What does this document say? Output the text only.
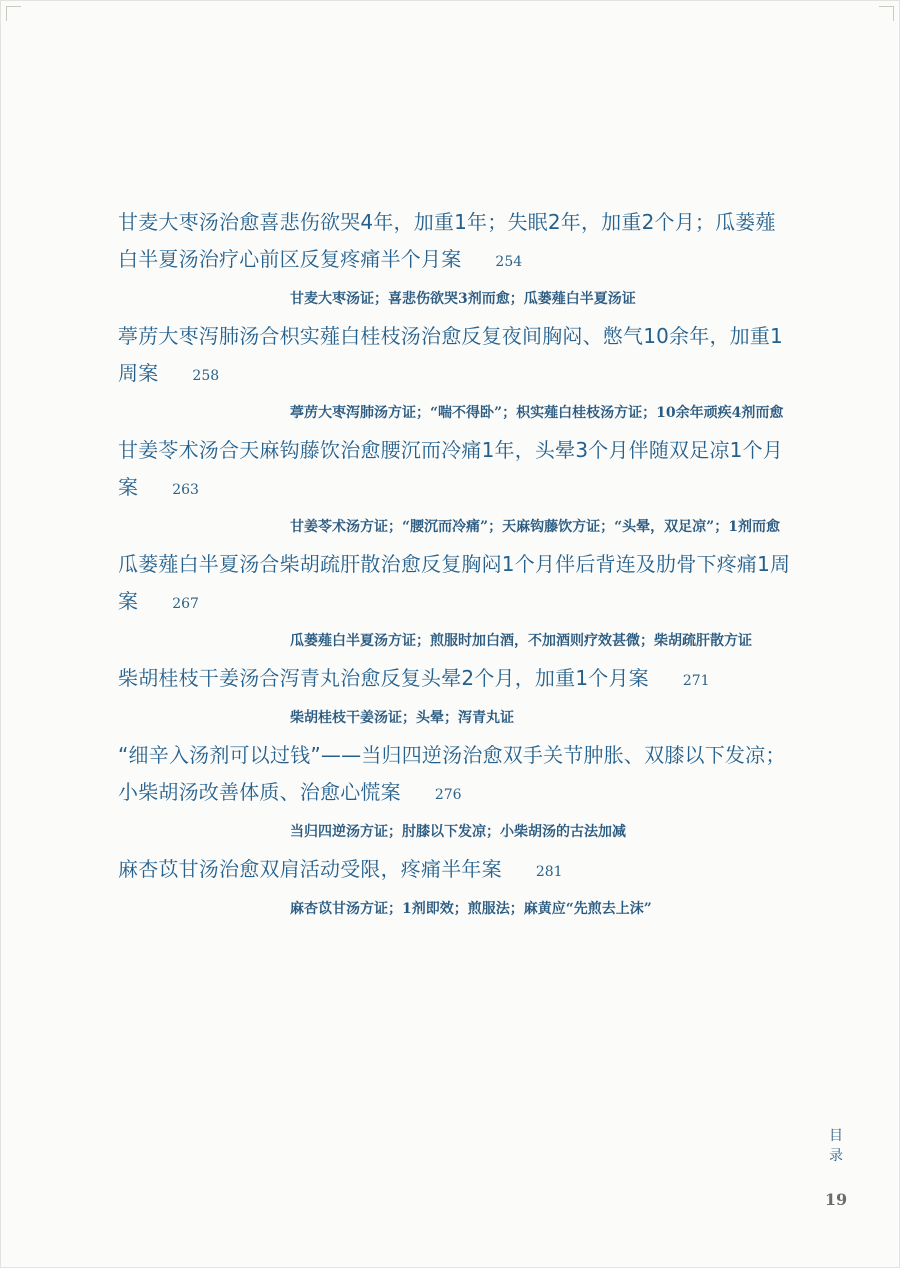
甘麦大枣汤治愈喜悲伤欲哭4年，加重1年；失眠2年，加重2个月；瓜蒌薤白半夏汤治疗心前区反复疼痛半个月案 254
甘麦大枣汤证；喜悲伤欲哭3剂而愈；瓜蒌薤白半夏汤证
葶苈大枣泻肺汤合枳实薤白桂枝汤治愈反复夜间胸闷、憋气10余年，加重1周案 258
葶苈大枣泻肺汤方证；“喘不得卧”；枳实薤白桂枝汤方证；10余年顽疾4剂而愈
甘姜苓术汤合天麻钩藤饮治愈腰沉而冷痛1年，头晕3个月伴随双足凉1个月案 263
甘姜苓术汤方证；“腰沉而冷痛”；天麻钩藤饮方证；“头晕，双足凉”；1剂而愈
瓜蒌薤白半夏汤合柴胡疏肝散治愈反复胸闷1个月伴后背连及肋骨下疼痛1周案 267
瓜蒌薤白半夏汤方证；煎服时加白酒，不加酒则疗效甚微；柴胡疏肝散方证
柴胡桂枝干姜汤合泻青丸治愈反复头晕2个月，加重1个月案 271
柴胡桂枝干姜汤证；头晕；泻青丸证
“细辛入汤剂可以过钱”——当归四逆汤治愈双手关节肿胀、双膝以下发凉；小柴胡汤改善体质、治愈心慌案 276
当归四逆汤方证；肘膝以下发凉；小柴胡汤的古法加减
麻杏苡甘汤治愈双肩活动受限，疼痛半年案 281
麻杏苡甘汤方证；1剂即效；煎服法；麻黄应“先煎去上沫”
目
录
19
